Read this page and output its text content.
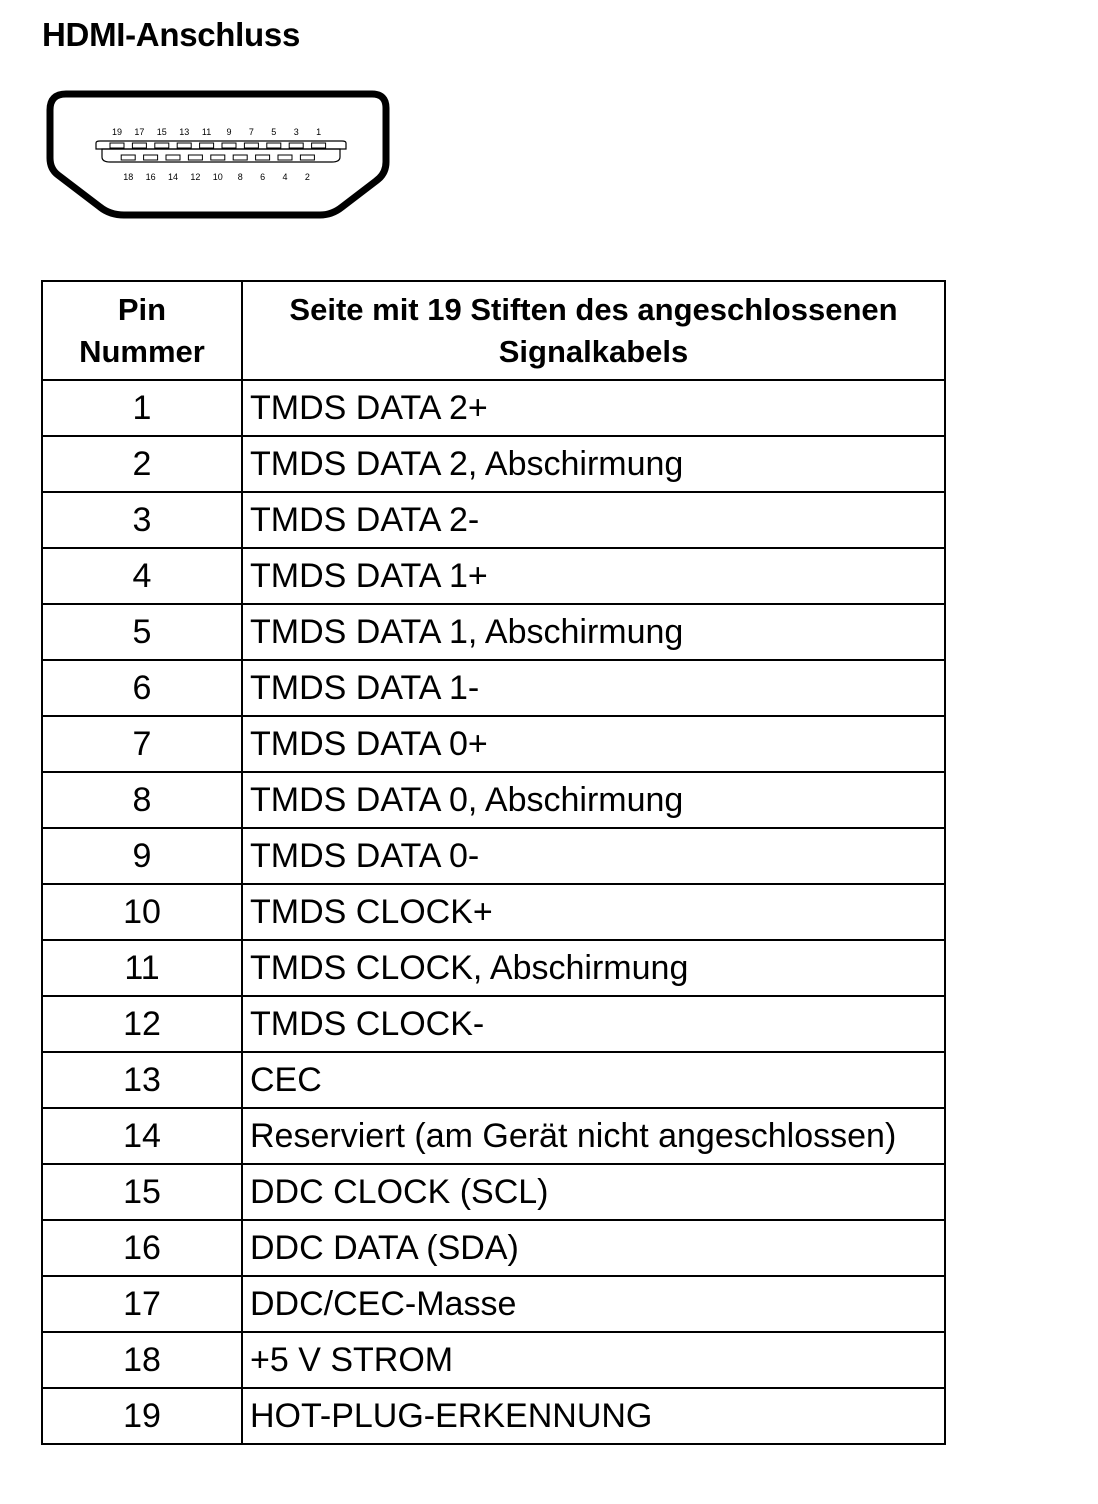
HDMI-Anschluss
19 17 15 13 11 9 7 5 3 1
18 16 14 12 10 8 6 4 2
Pin Nummer	Seite mit 19 Stiften des angeschlossenen Signalkabels
1	TMDS DATA 2+
2	TMDS DATA 2, Abschirmung
3	TMDS DATA 2-
4	TMDS DATA 1+
5	TMDS DATA 1, Abschirmung
6	TMDS DATA 1-
7	TMDS DATA 0+
8	TMDS DATA 0, Abschirmung
9	TMDS DATA 0-
10	TMDS CLOCK+
11	TMDS CLOCK, Abschirmung
12	TMDS CLOCK-
13	CEC
14	Reserviert (am Gerät nicht angeschlossen)
15	DDC CLOCK (SCL)
16	DDC DATA (SDA)
17	DDC/CEC-Masse
18	+5 V STROM
19	HOT-PLUG-ERKENNUNG
